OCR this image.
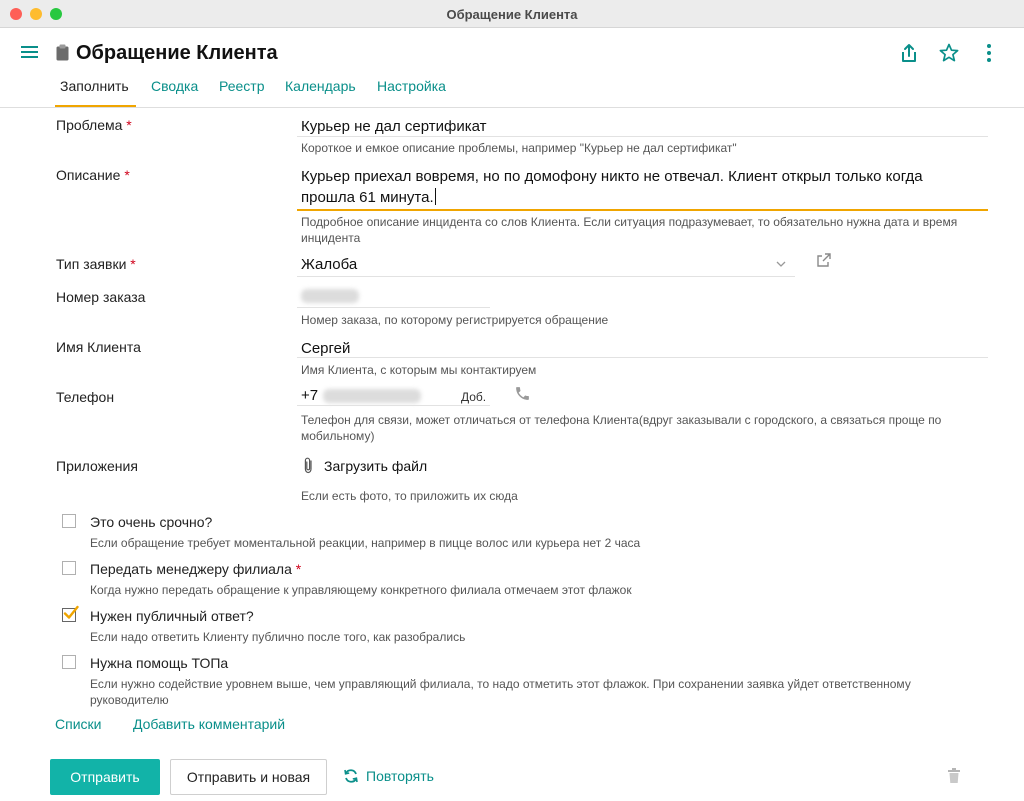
Обращение Клиента
Обращение Клиента
Заполнить Сводка Реестр Календарь Настройка
Проблема *	Курьер не дал сертификат
Короткое и емкое описание проблемы, например "Курьер не дал сертификат"
Описание *	Курьер приехал вовремя, но по домофону никто не отвечал. Клиент открыл только когда
прошла 61 минута.
Подробное описание инцидента со слов Клиента. Если ситуация подразумевает, то обязательно нужна дата и время
инцидента
Тип заявки *	Жалоба
Номер заказа
Номер заказа, по которому регистрируется обращение
Имя Клиента	Сергей
Имя Клиента, с которым мы контактируем
Телефон	+7	Доб.
Телефон для связи, может отличаться от телефона Клиента(вдруг заказывали с городского, а связаться проще по
мобильному)
Приложения	Загрузить файл
Если есть фото, то приложить их сюда
Это очень срочно?
Если обращение требует моментальной реакции, например в пицце волос или курьера нет 2 часа
Передать менеджеру филиала *
Когда нужно передать обращение к управляющему конкретного филиала отмечаем этот флажок
Нужен публичный ответ?
Если надо ответить Клиенту публично после того, как разобрались
Нужна помощь ТОПа
Если нужно содействие уровнем выше, чем управляющий филиала, то надо отметить этот флажок. При сохранении заявка уйдет ответственному
руководителю
Списки Добавить комментарий
Отправить	Отправить и новая	Повторять
